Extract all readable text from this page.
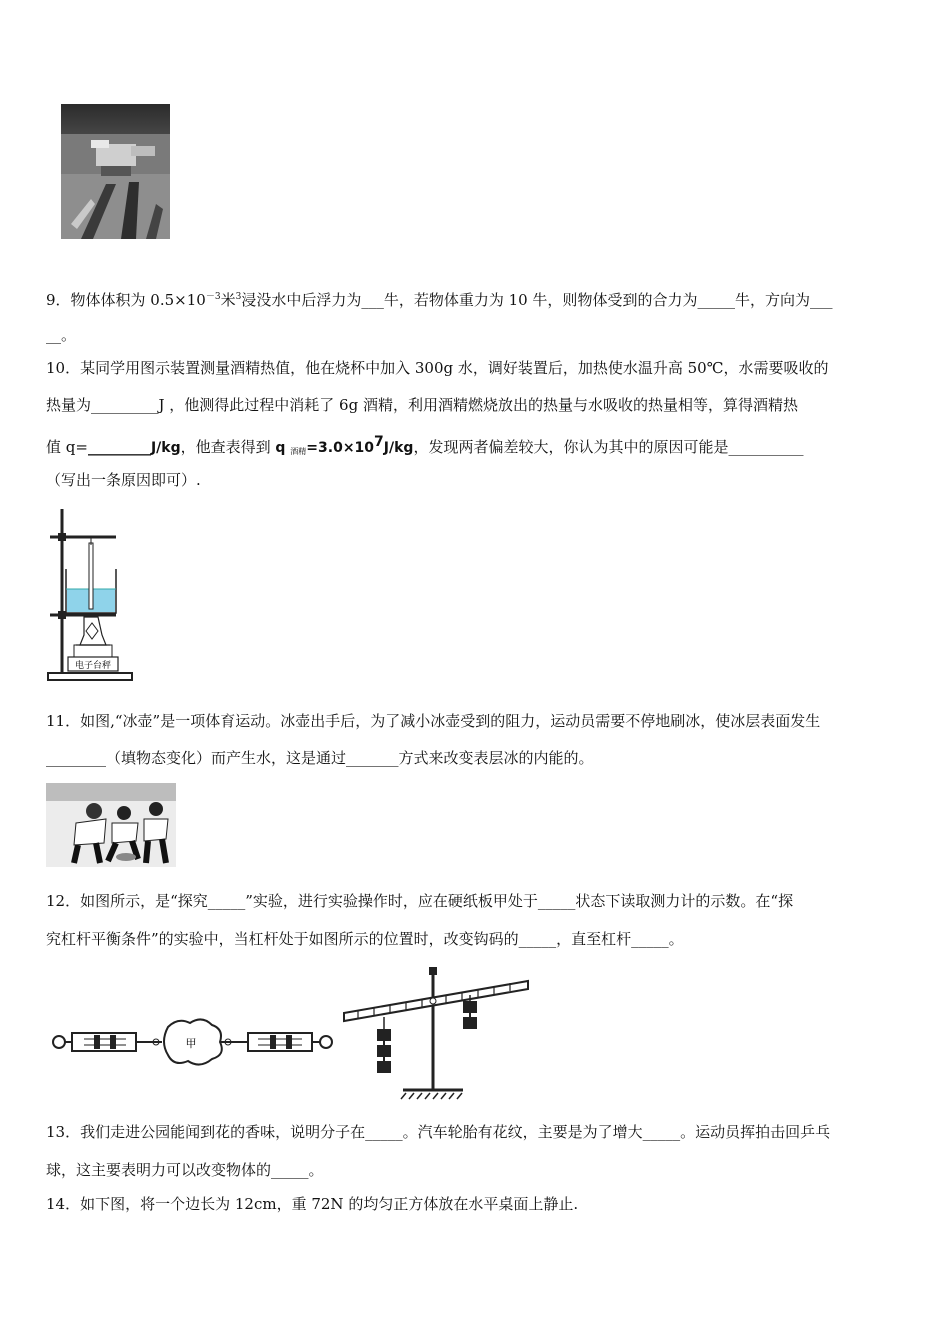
9．物体体积为 $0.5\times 10^{-3}$米$^3$浸没水中后浮力为___牛，若物体重力为 10 牛，则物体受到的合力为_____牛，方向为___
__。
10．某同学用图示装置测量酒精热值，他在烧杯中加入 300g 水，调好装置后，加热使水温升高 50℃，水需要吸收的
热量为_________J ，他测得此过程中消耗了 6g 酒精，利用酒精燃烧放出的热量与水吸收的热量相等，算得酒精热
值 q=_________J/kg，他查表得到 q $_{酒精}=3.0\times 10^7J/kg$，发现两者偏差较大，你认为其中的原因可能是__________
（写出一条原因即可）.
电子台秤
11．如图,“冰壶”是一项体育运动。冰壶出手后，为了减小冰壶受到的阻力，运动员需要不停地刷冰，使冰层表面发生
________（填物态变化）而产生水，这是通过_______方式来改变表层冰的内能的。
12．如图所示，是“探究_____”实验，进行实验操作时，应在硬纸板甲处于_____状态下读取测力计的示数。在“探
究杠杆平衡条件”的实验中，当杠杆处于如图所示的位置时，改变钩码的_____，直至杠杆_____。
甲
13．我们走进公园能闻到花的香味，说明分子在_____。汽车轮胎有花纹，主要是为了增大_____。运动员挥拍击回乒乓
球，这主要表明力可以改变物体的_____。
14．如下图，将一个边长为 12cm，重 72N 的均匀正方体放在水平桌面上静止.
